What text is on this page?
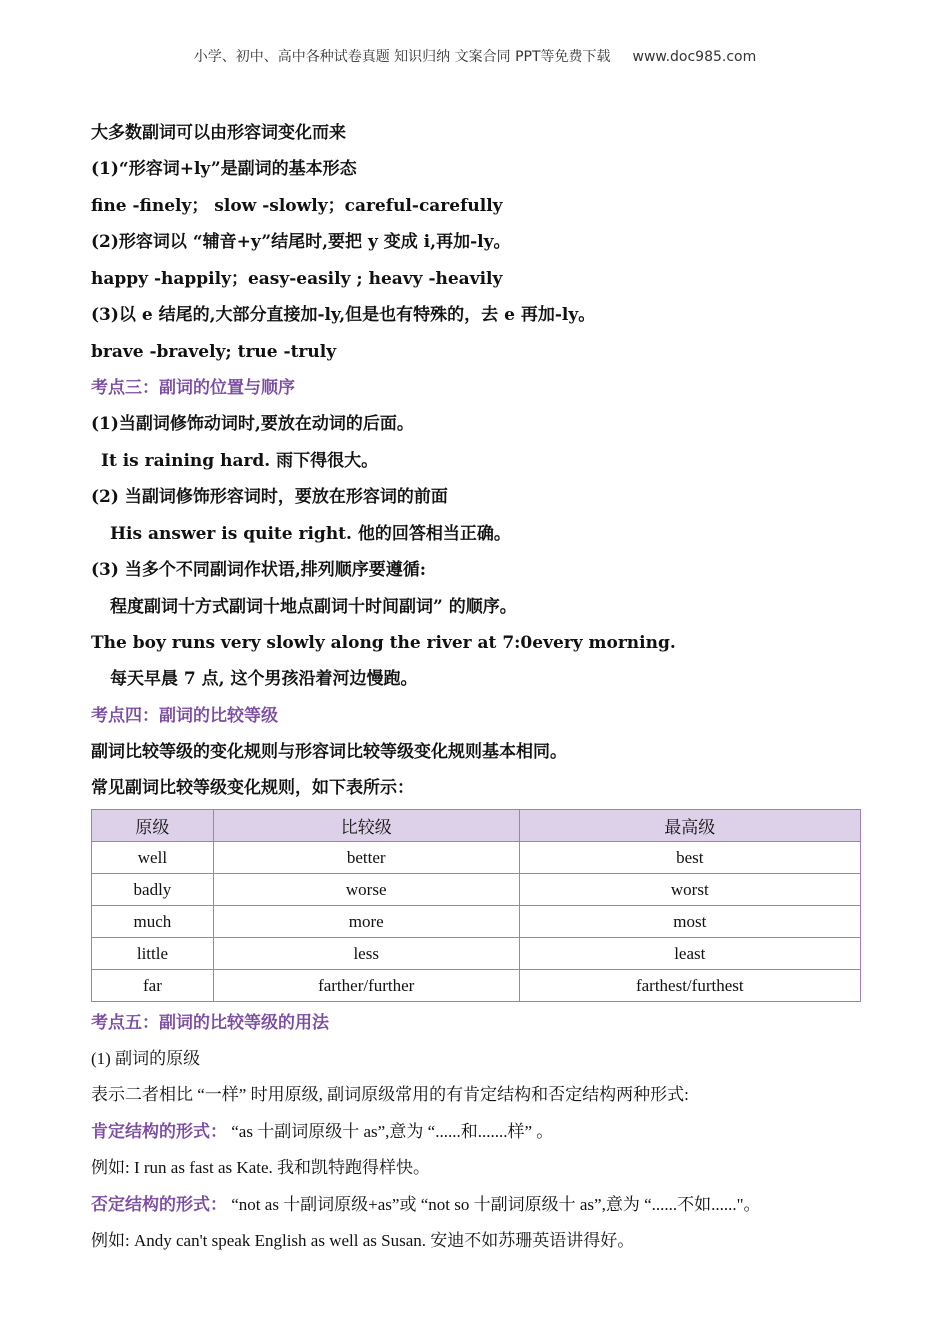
小学、初中、高中各种试卷真题 知识归纳 文案合同 PPT等免费下载 www.doc985.com
大多数副词可以由形容词变化而来
(1)“形容词+ly”是副词的基本形态
fine -finely； slow -slowly；careful-carefully
(2)形容词以 “辅音+y”结尾时,要把 y 变成 i,再加-ly。
happy -happily；easy-easily ; heavy -heavily
(3)以 e 结尾的,大部分直接加-ly,但是也有特殊的，去 e 再加-ly。
brave -bravely; true -truly
考点三：副词的位置与顺序
(1)当副词修饰动词时,要放在动词的后面。
It is raining hard. 雨下得很大。
(2) 当副词修饰形容词时，要放在形容词的前面
His answer is quite right. 他的回答相当正确。
(3) 当多个不同副词作状语,排列顺序要遵循:
程度副词十方式副词十地点副词十时间副词” 的顺序。
The boy runs very slowly along the river at 7:0every morning.
每天早晨 7 点, 这个男孩沿着河边慢跑。
考点四：副词的比较等级
副词比较等级的变化规则与形容词比较等级变化规则基本相同。
常见副词比较等级变化规则，如下表所示：
原级	比较级	最高级
well	better	best
badly	worse	worst
much	more	most
little	less	least
far	farther/further	farthest/furthest
考点五：副词的比较等级的用法
(1) 副词的原级
表示二者相比 “一样” 时用原级, 副词原级常用的有肯定结构和否定结构两种形式:
肯定结构的形式： “as 十副词原级十 as”,意为 “......和.......样” 。
例如: I run as fast as Kate. 我和凯特跑得样快。
否定结构的形式： “not as 十副词原级+as”或 “not so 十副词原级十 as”,意为 “......不如......"。
例如: Andy can't speak English as well as Susan. 安迪不如苏珊英语讲得好。
